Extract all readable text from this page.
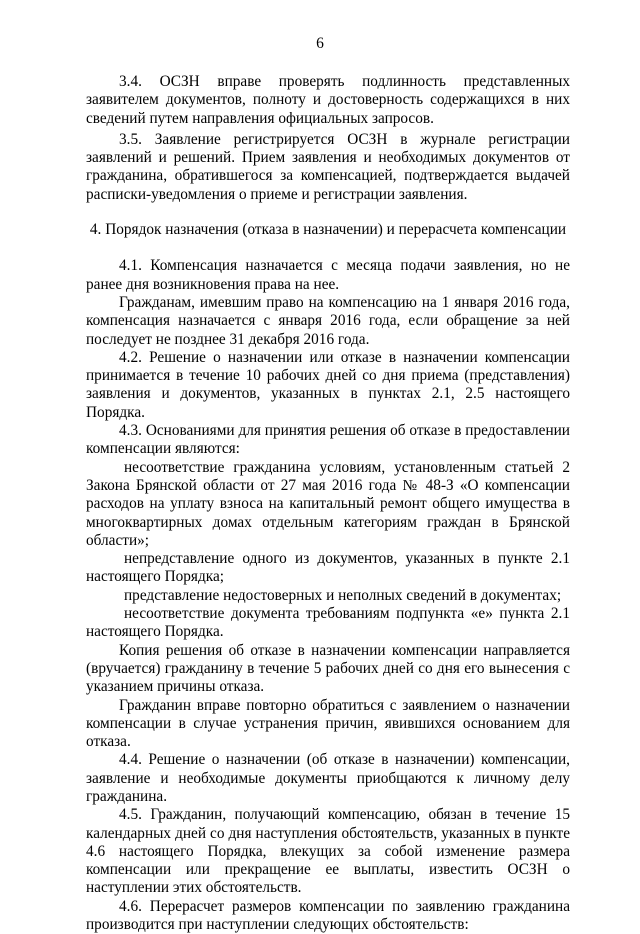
6

3.4. ОСЗН вправе проверять подлинность представленных заявителем документов, полноту и достоверность содержащихся в них сведений путем направления официальных запросов.

3.5. Заявление регистрируется ОСЗН в журнале регистрации заявлений и решений. Прием заявления и необходимых документов от гражданина, обратившегося за компенсацией, подтверждается выдачей расписки-уведомления о приеме и регистрации заявления.

4. Порядок назначения (отказа в назначении) и перерасчета компенсации

4.1. Компенсация назначается с месяца подачи заявления, но не ранее дня возникновения права на нее.

Гражданам, имевшим право на компенсацию на 1 января 2016 года, компенсация назначается с января 2016 года, если обращение за ней последует не позднее 31 декабря 2016 года.

4.2. Решение о назначении или отказе в назначении компенсации принимается в течение 10 рабочих дней со дня приема (представления) заявления и документов, указанных в пунктах 2.1, 2.5 настоящего Порядка.

4.3. Основаниями для принятия решения об отказе в предоставлении компенсации являются:

несоответствие гражданина условиям, установленным статьей 2 Закона Брянской области от 27 мая 2016 года № 48-З «О компенсации расходов на уплату взноса на капитальный ремонт общего имущества в многоквартирных домах отдельным категориям граждан в Брянской области»;

непредставление одного из документов, указанных в пункте 2.1 настоящего Порядка;

представление недостоверных и неполных сведений в документах;

несоответствие документа требованиям подпункта «е» пункта 2.1 настоящего Порядка.

Копия решения об отказе в назначении компенсации направляется (вручается) гражданину в течение 5 рабочих дней со дня его вынесения с указанием причины отказа.

Гражданин вправе повторно обратиться с заявлением о назначении компенсации в случае устранения причин, явившихся основанием для отказа.

4.4. Решение о назначении (об отказе в назначении) компенсации, заявление и необходимые документы приобщаются к личному делу гражданина.

4.5. Гражданин, получающий компенсацию, обязан в течение 15 календарных дней со дня наступления обстоятельств, указанных в пункте 4.6 настоящего Порядка, влекущих за собой изменение размера компенсации или прекращение ее выплаты, известить ОСЗН о наступлении этих обстоятельств.

4.6. Перерасчет размеров компенсации по заявлению гражданина производится при наступлении следующих обстоятельств:
